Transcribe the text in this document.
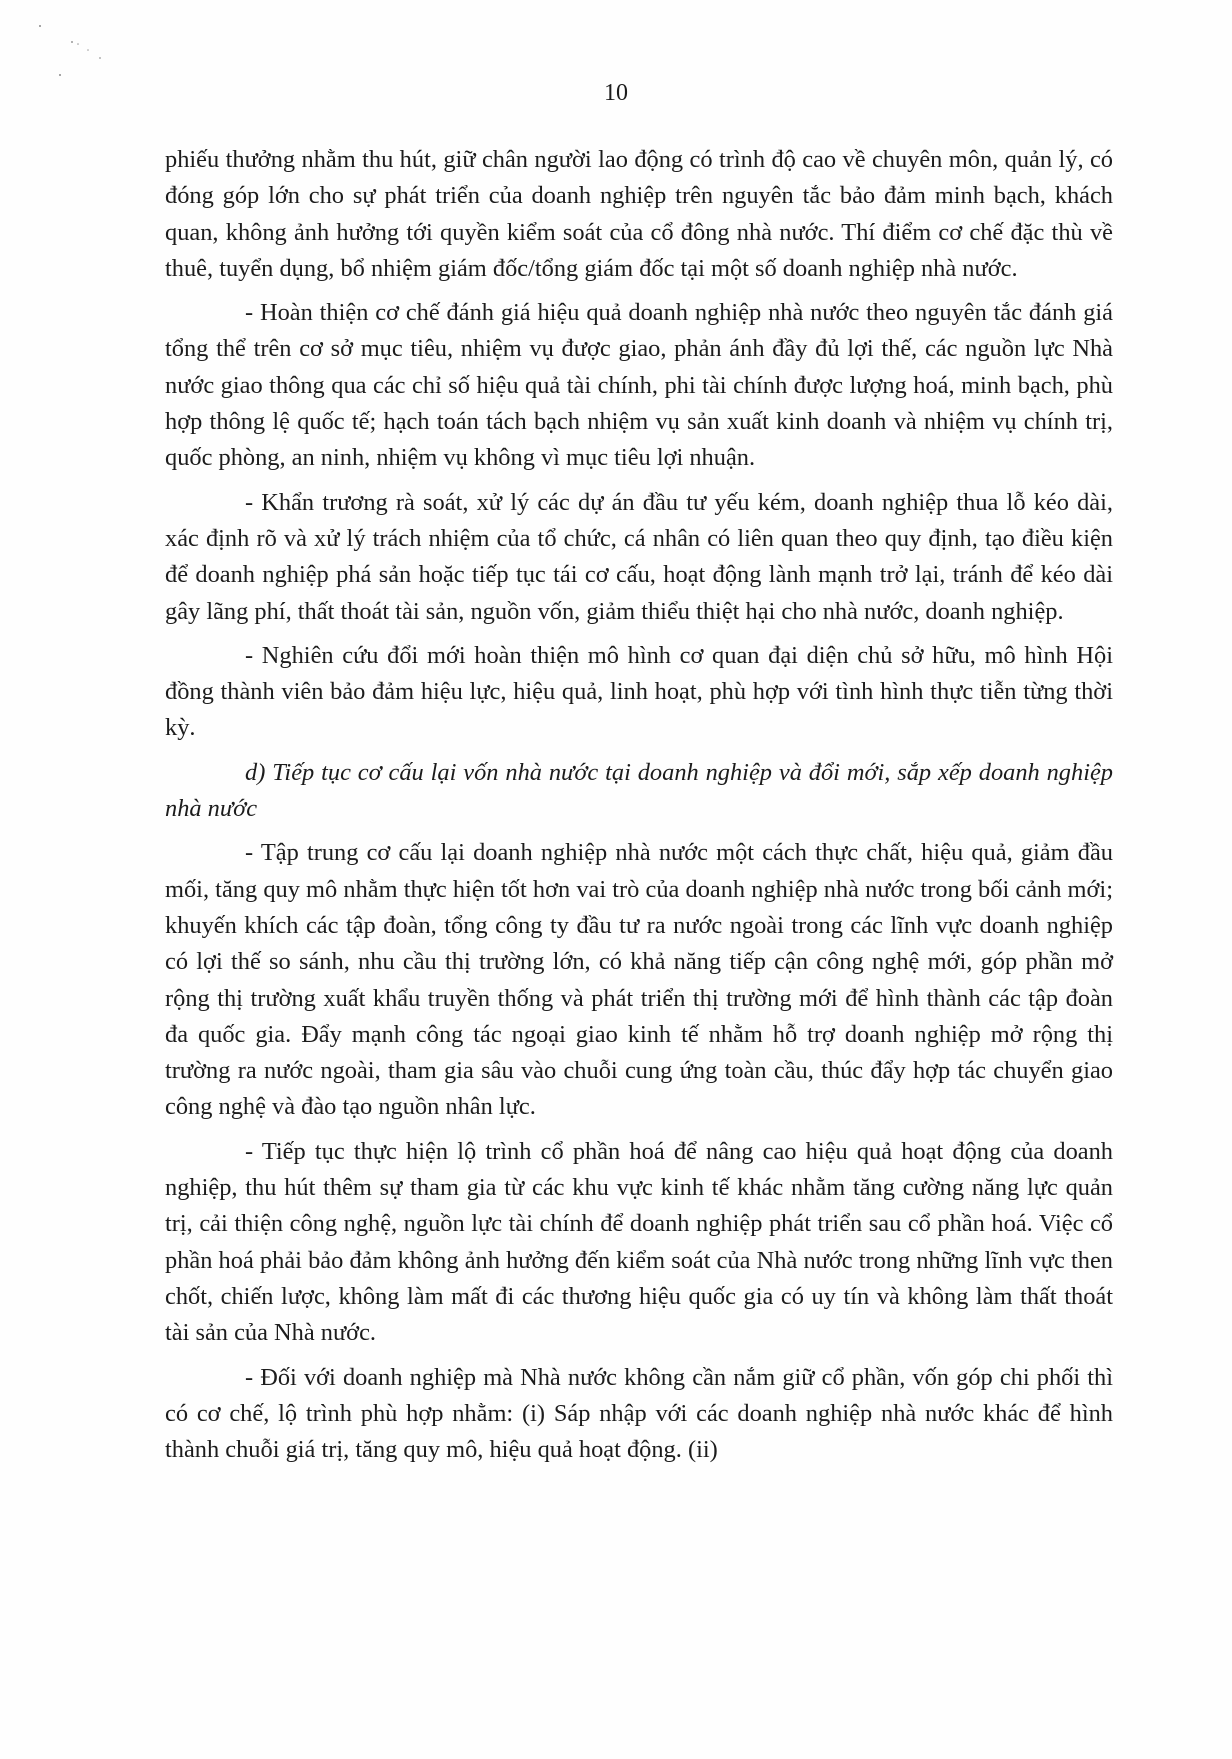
10

phiếu thưởng nhằm thu hút, giữ chân người lao động có trình độ cao về chuyên môn, quản lý, có đóng góp lớn cho sự phát triển của doanh nghiệp trên nguyên tắc bảo đảm minh bạch, khách quan, không ảnh hưởng tới quyền kiểm soát của cổ đông nhà nước. Thí điểm cơ chế đặc thù về thuê, tuyển dụng, bổ nhiệm giám đốc/tổng giám đốc tại một số doanh nghiệp nhà nước.

- Hoàn thiện cơ chế đánh giá hiệu quả doanh nghiệp nhà nước theo nguyên tắc đánh giá tổng thể trên cơ sở mục tiêu, nhiệm vụ được giao, phản ánh đầy đủ lợi thế, các nguồn lực Nhà nước giao thông qua các chỉ số hiệu quả tài chính, phi tài chính được lượng hoá, minh bạch, phù hợp thông lệ quốc tế; hạch toán tách bạch nhiệm vụ sản xuất kinh doanh và nhiệm vụ chính trị, quốc phòng, an ninh, nhiệm vụ không vì mục tiêu lợi nhuận.

- Khẩn trương rà soát, xử lý các dự án đầu tư yếu kém, doanh nghiệp thua lỗ kéo dài, xác định rõ và xử lý trách nhiệm của tổ chức, cá nhân có liên quan theo quy định, tạo điều kiện để doanh nghiệp phá sản hoặc tiếp tục tái cơ cấu, hoạt động lành mạnh trở lại, tránh để kéo dài gây lãng phí, thất thoát tài sản, nguồn vốn, giảm thiểu thiệt hại cho nhà nước, doanh nghiệp.

- Nghiên cứu đổi mới hoàn thiện mô hình cơ quan đại diện chủ sở hữu, mô hình Hội đồng thành viên bảo đảm hiệu lực, hiệu quả, linh hoạt, phù hợp với tình hình thực tiễn từng thời kỳ.

d) Tiếp tục cơ cấu lại vốn nhà nước tại doanh nghiệp và đổi mới, sắp xếp doanh nghiệp nhà nước

- Tập trung cơ cấu lại doanh nghiệp nhà nước một cách thực chất, hiệu quả, giảm đầu mối, tăng quy mô nhằm thực hiện tốt hơn vai trò của doanh nghiệp nhà nước trong bối cảnh mới; khuyến khích các tập đoàn, tổng công ty đầu tư ra nước ngoài trong các lĩnh vực doanh nghiệp có lợi thế so sánh, nhu cầu thị trường lớn, có khả năng tiếp cận công nghệ mới, góp phần mở rộng thị trường xuất khẩu truyền thống và phát triển thị trường mới để hình thành các tập đoàn đa quốc gia. Đẩy mạnh công tác ngoại giao kinh tế nhằm hỗ trợ doanh nghiệp mở rộng thị trường ra nước ngoài, tham gia sâu vào chuỗi cung ứng toàn cầu, thúc đẩy hợp tác chuyển giao công nghệ và đào tạo nguồn nhân lực.

- Tiếp tục thực hiện lộ trình cổ phần hoá để nâng cao hiệu quả hoạt động của doanh nghiệp, thu hút thêm sự tham gia từ các khu vực kinh tế khác nhằm tăng cường năng lực quản trị, cải thiện công nghệ, nguồn lực tài chính để doanh nghiệp phát triển sau cổ phần hoá. Việc cổ phần hoá phải bảo đảm không ảnh hưởng đến kiểm soát của Nhà nước trong những lĩnh vực then chốt, chiến lược, không làm mất đi các thương hiệu quốc gia có uy tín và không làm thất thoát tài sản của Nhà nước.

- Đối với doanh nghiệp mà Nhà nước không cần nắm giữ cổ phần, vốn góp chi phối thì có cơ chế, lộ trình phù hợp nhằm: (i) Sáp nhập với các doanh nghiệp nhà nước khác để hình thành chuỗi giá trị, tăng quy mô, hiệu quả hoạt động. (ii)
